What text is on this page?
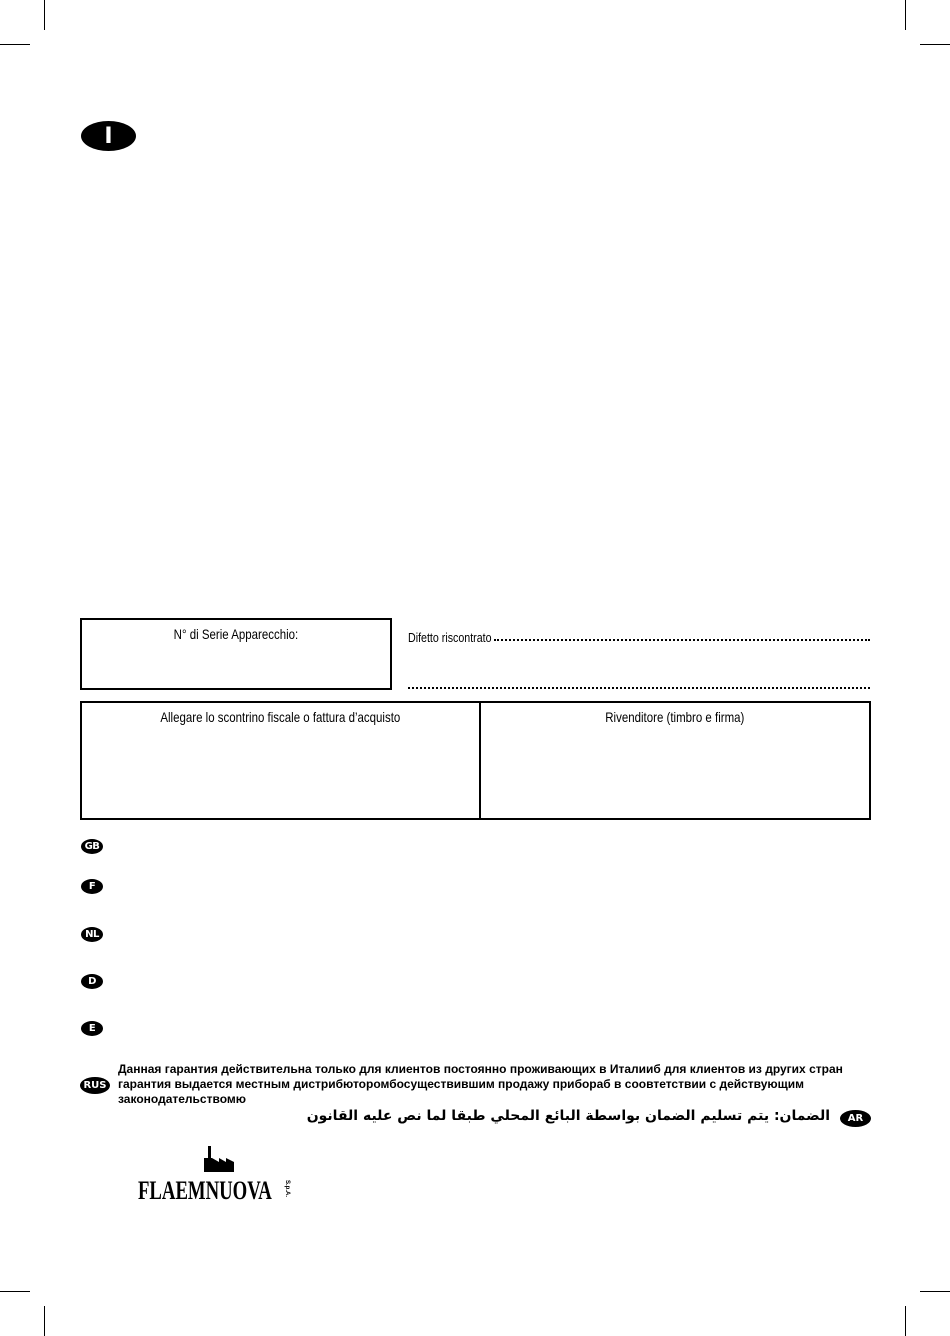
I
N° di Serie Apparecchio:	Difetto riscontrato
Allegare lo scontrino fiscale o fattura d’acquisto	Rivenditore (timbro e firma)
GB
F
NL
D
E
RUS
Данная гарантия действительна только для клиентов постоянно проживающих в Италииб для клиентов из других стран гарантия выдается местным дистрибюторомбосуществившим продажу прибораб в соовтетствии с действующим законодательствомю
AR
الضمان: يتم تسليم الضمان بواسطة البائع المحلي طبقا لما نص عليه القانون
FLAEMNUOVA S.p.A.
